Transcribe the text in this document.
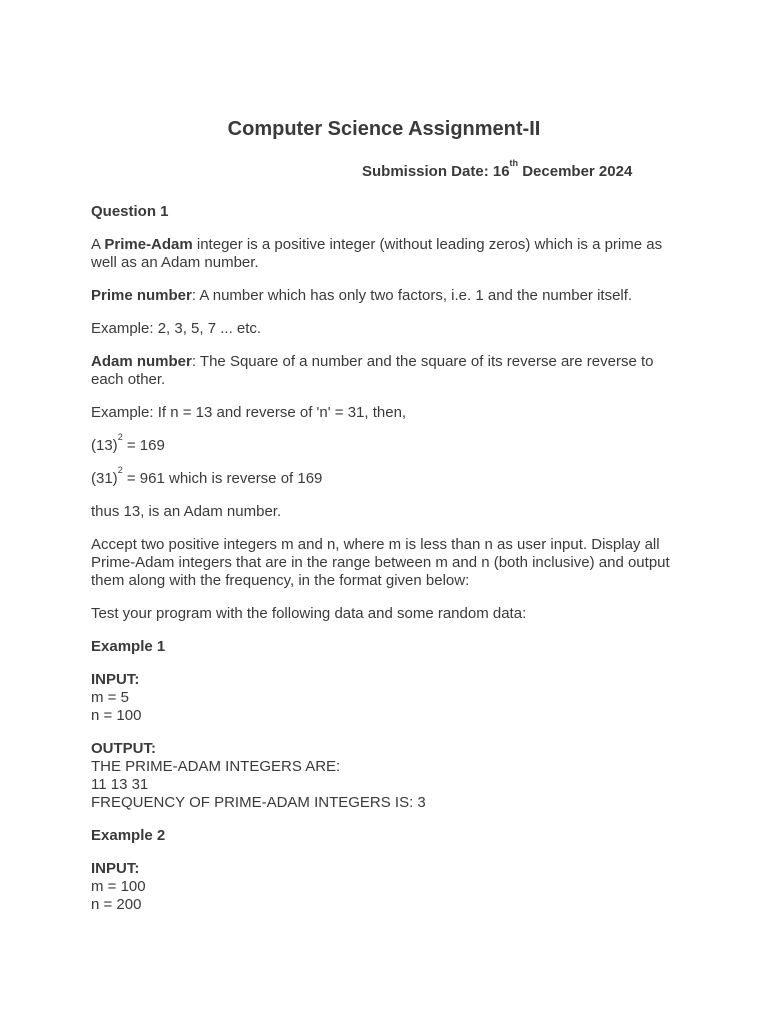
Computer Science Assignment-II
Submission Date: 16th December 2024

Question 1

A Prime-Adam integer is a positive integer (without leading zeros) which is a prime as well as an Adam number.

Prime number: A number which has only two factors, i.e. 1 and the number itself.

Example: 2, 3, 5, 7 ... etc.

Adam number: The Square of a number and the square of its reverse are reverse to each other.

Example: If n = 13 and reverse of 'n' = 31, then,

$(13)^2 = 169$

$(31)^2 = 961$ which is reverse of 169

thus 13, is an Adam number.

Accept two positive integers m and n, where m is less than n as user input. Display all Prime-Adam integers that are in the range between m and n (both inclusive) and output them along with the frequency, in the format given below:

Test your program with the following data and some random data:

Example 1

INPUT:
m = 5
n = 100

OUTPUT:
THE PRIME-ADAM INTEGERS ARE:
11 13 31
FREQUENCY OF PRIME-ADAM INTEGERS IS: 3

Example 2

INPUT:
m = 100
n = 200
